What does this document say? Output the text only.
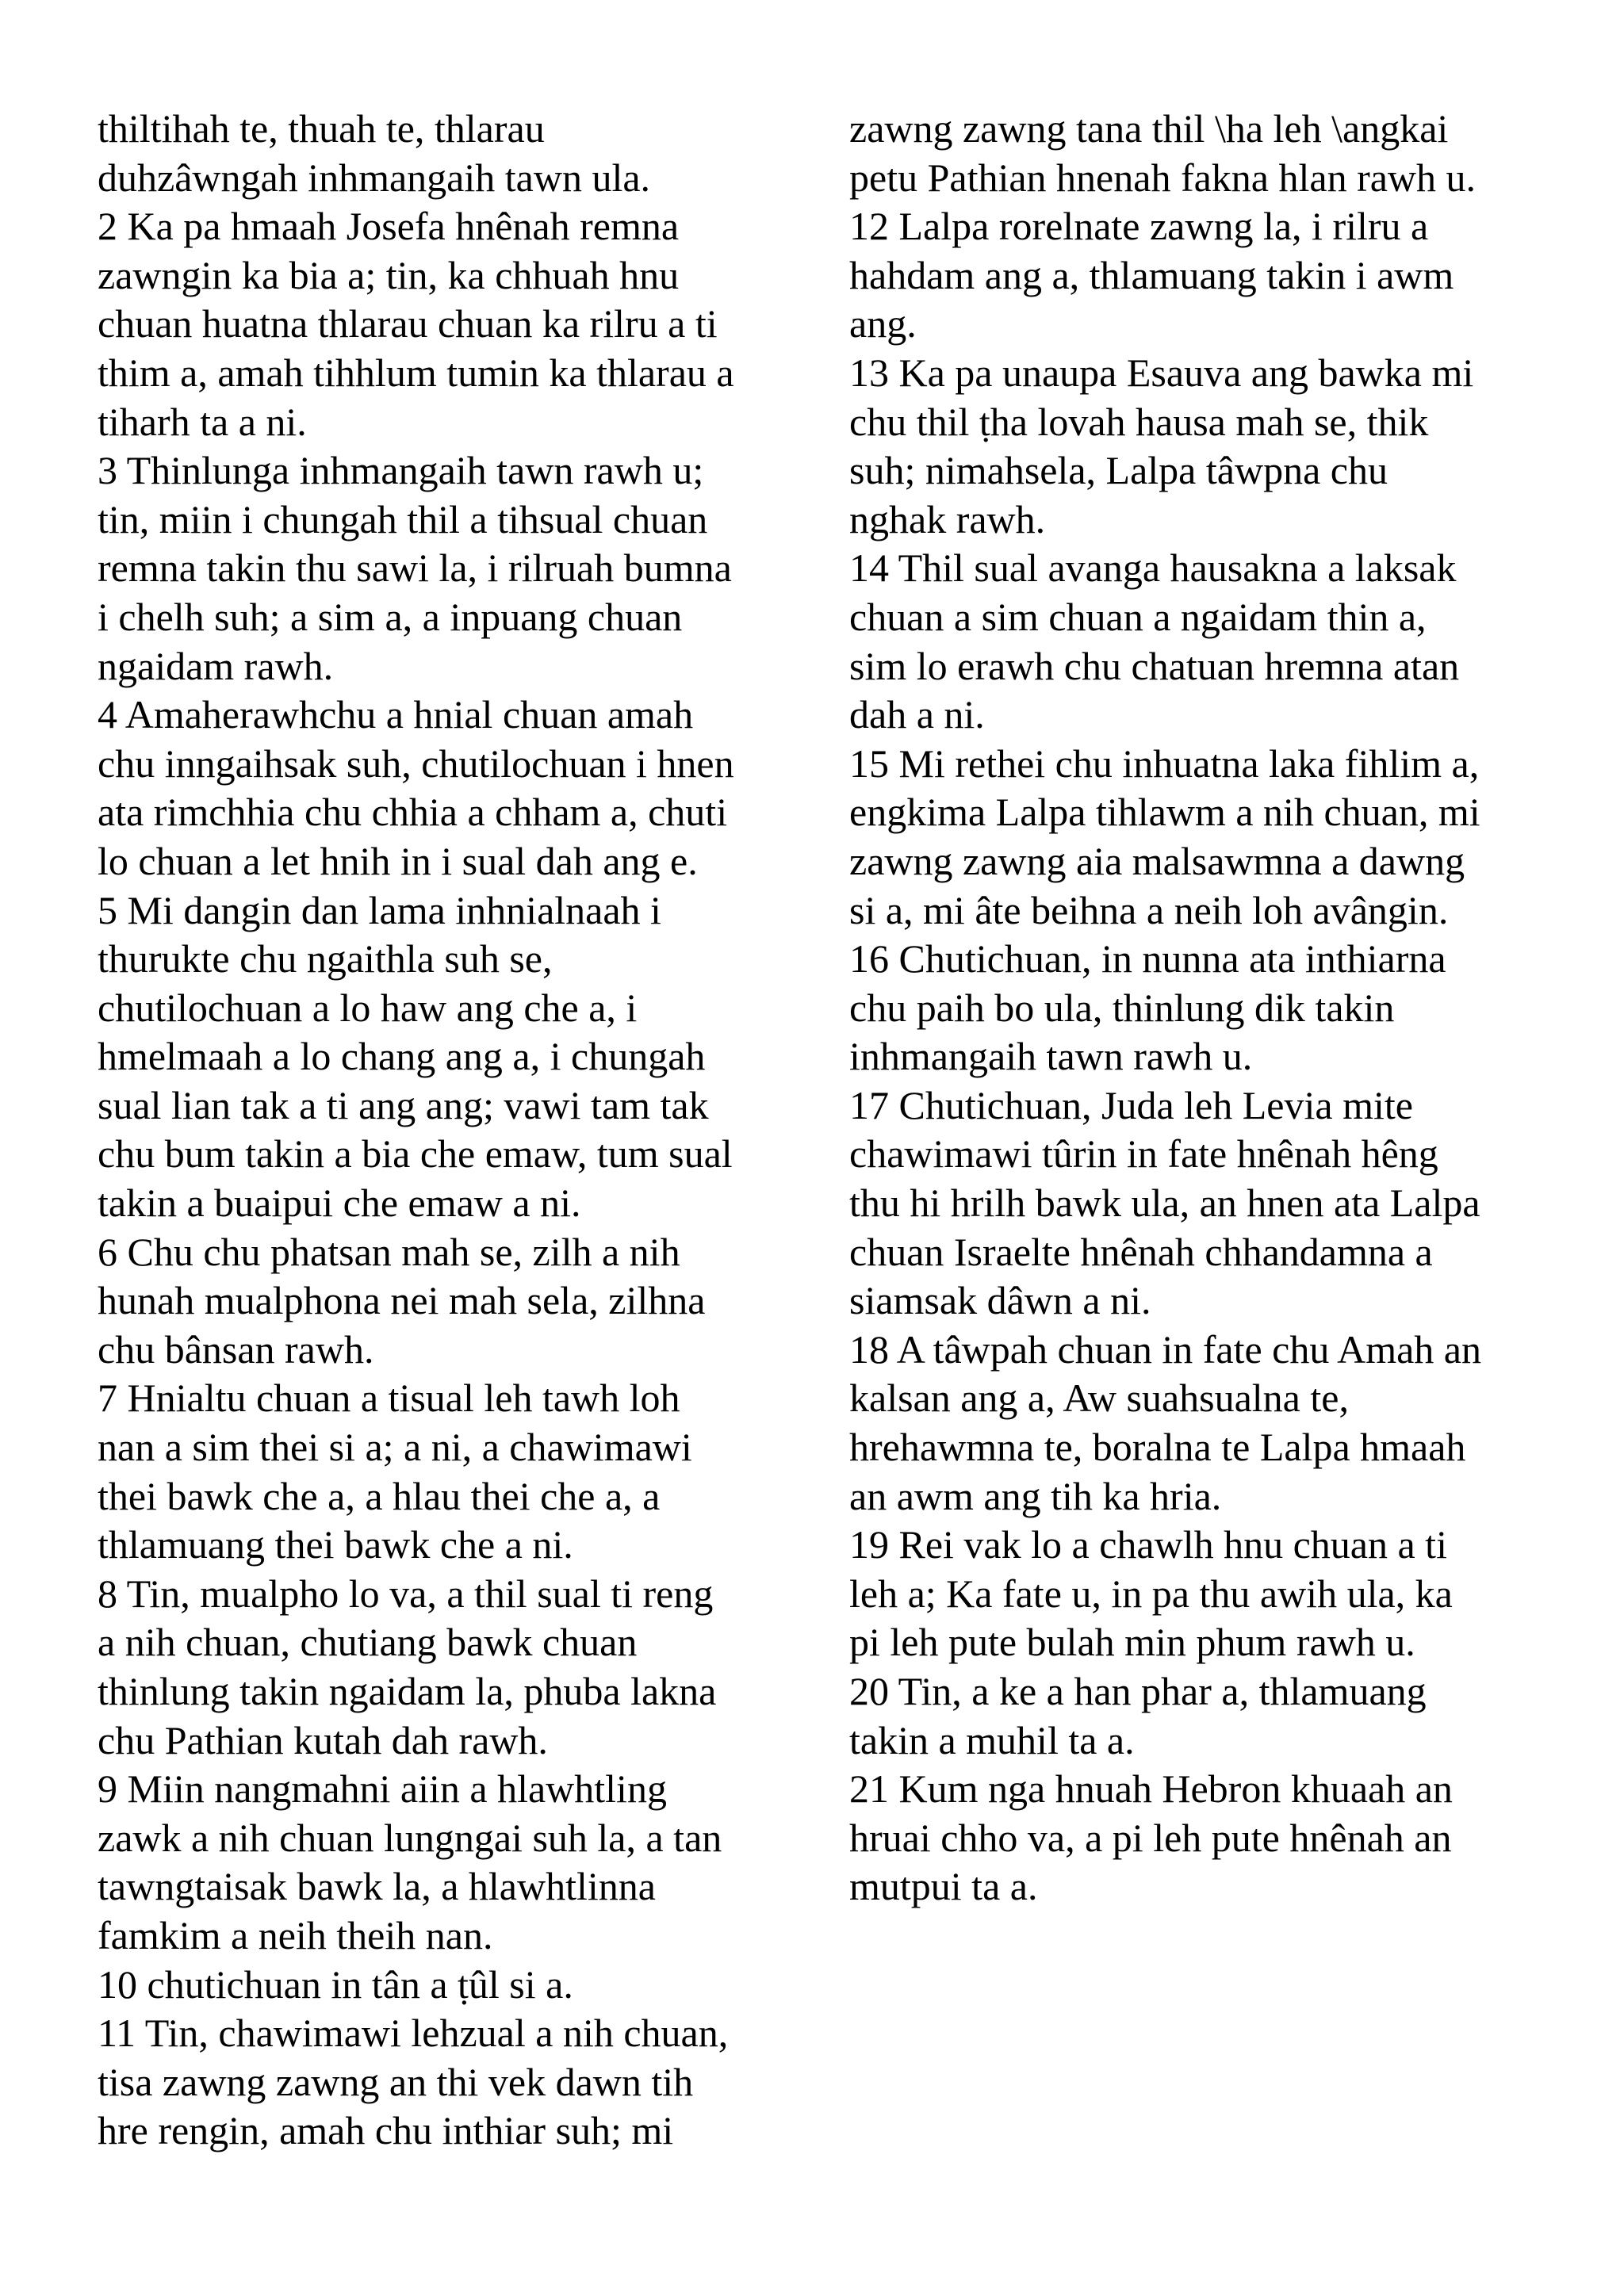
thiltihah te, thuah te, thlarau
duhzâwngah inhmangaih tawn ula.
2 Ka pa hmaah Josefa hnênah remna
zawngin ka bia a; tin, ka chhuah hnu
chuan huatna thlarau chuan ka rilru a ti
thim a, amah tihhlum tumin ka thlarau a
tiharh ta a ni.
3 Thinlunga inhmangaih tawn rawh u;
tin, miin i chungah thil a tihsual chuan
remna takin thu sawi la, i rilruah bumna
i chelh suh; a sim a, a inpuang chuan
ngaidam rawh.
4 Amaherawhchu a hnial chuan amah
chu inngaihsak suh, chutilochuan i hnen
ata rimchhia chu chhia a chham a, chuti
lo chuan a let hnih in i sual dah ang e.
5 Mi dangin dan lama inhnialnaah i
thurukte chu ngaithla suh se,
chutilochuan a lo haw ang che a, i
hmelmaah a lo chang ang a, i chungah
sual lian tak a ti ang ang; vawi tam tak
chu bum takin a bia che emaw, tum sual
takin a buaipui che emaw a ni.
6 Chu chu phatsan mah se, zilh a nih
hunah mualphona nei mah sela, zilhna
chu bânsan rawh.
7 Hnialtu chuan a tisual leh tawh loh
nan a sim thei si a; a ni, a chawimawi
thei bawk che a, a hlau thei che a, a
thlamuang thei bawk che a ni.
8 Tin, mualpho lo va, a thil sual ti reng
a nih chuan, chutiang bawk chuan
thinlung takin ngaidam la, phuba lakna
chu Pathian kutah dah rawh.
9 Miin nangmahni aiin a hlawhtling
zawk a nih chuan lungngai suh la, a tan
tawngtaisak bawk la, a hlawhtlinna
famkim a neih theih nan.
10 chutichuan in tân a ṭûl si a.
11 Tin, chawimawi lehzual a nih chuan,
tisa zawng zawng an thi vek dawn tih
hre rengin, amah chu inthiar suh; mi
zawng zawng tana thil \ha leh \angkai
petu Pathian hnenah fakna hlan rawh u.
12 Lalpa rorelnate zawng la, i rilru a
hahdam ang a, thlamuang takin i awm
ang.
13 Ka pa unaupa Esauva ang bawka mi
chu thil ṭha lovah hausa mah se, thik
suh; nimahsela, Lalpa tâwpna chu
nghak rawh.
14 Thil sual avanga hausakna a laksak
chuan a sim chuan a ngaidam thin a,
sim lo erawh chu chatuan hremna atan
dah a ni.
15 Mi rethei chu inhuatna laka fihlim a,
engkima Lalpa tihlawm a nih chuan, mi
zawng zawng aia malsawmna a dawng
si a, mi âte beihna a neih loh avângin.
16 Chutichuan, in nunna ata inthiarna
chu paih bo ula, thinlung dik takin
inhmangaih tawn rawh u.
17 Chutichuan, Juda leh Levia mite
chawimawi tûrin in fate hnênah hêng
thu hi hrilh bawk ula, an hnen ata Lalpa
chuan Israelte hnênah chhandamna a
siamsak dâwn a ni.
18 A tâwpah chuan in fate chu Amah an
kalsan ang a, Aw suahsualna te,
hrehawmna te, boralna te Lalpa hmaah
an awm ang tih ka hria.
19 Rei vak lo a chawlh hnu chuan a ti
leh a; Ka fate u, in pa thu awih ula, ka
pi leh pute bulah min phum rawh u.
20 Tin, a ke a han phar a, thlamuang
takin a muhil ta a.
21 Kum nga hnuah Hebron khuaah an
hruai chho va, a pi leh pute hnênah an
mutpui ta a.
